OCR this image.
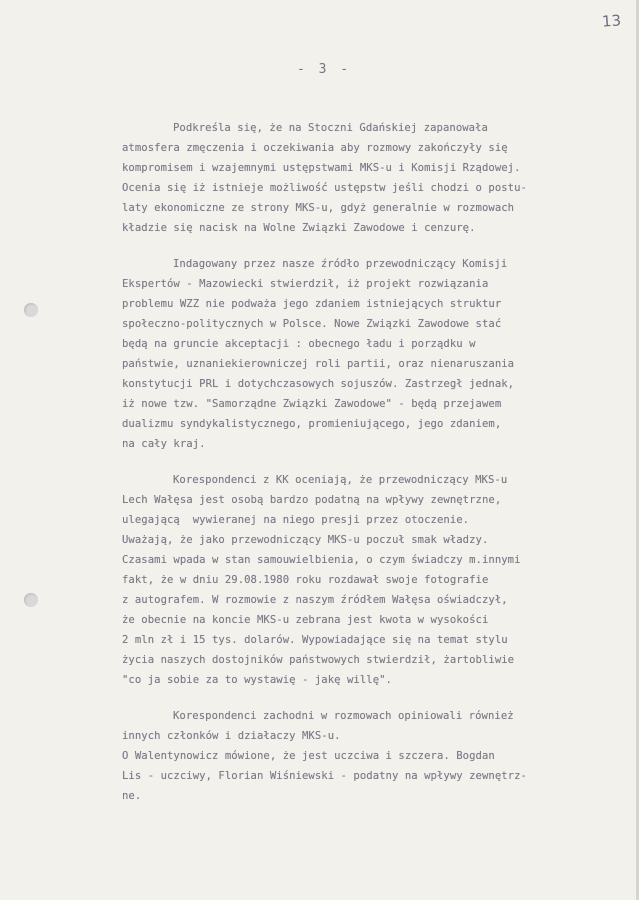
13
- 3 -
Podkreśla się, że na Stoczni Gdańskiej zapanowała
atmosfera zmęczenia i oczekiwania aby rozmowy zakończyły się
kompromisem i wzajemnymi ustępstwami MKS-u i Komisji Rządowej.
Ocenia się iż istnieje możliwość ustępstw jeśli chodzi o postu-
laty ekonomiczne ze strony MKS-u, gdyż generalnie w rozmowach
kładzie się nacisk na Wolne Związki Zawodowe i cenzurę.
Indagowany przez nasze źródło przewodniczący Komisji
Ekspertów - Mazowiecki stwierdził, iż projekt rozwiązania
problemu WZZ nie podważa jego zdaniem istniejących struktur
społeczno-politycznych w Polsce. Nowe Związki Zawodowe stać
będą na gruncie akceptacji : obecnego ładu i porządku w
państwie, uznaniekierowniczej roli partii, oraz nienaruszania
konstytucji PRL i dotychczasowych sojuszów. Zastrzegł jednak,
iż nowe tzw. "Samorządne Związki Zawodowe" - będą przejawem
dualizmu syndykalistycznego, promieniującego, jego zdaniem,
na cały kraj.
Korespondenci z KK oceniają, że przewodniczący MKS-u
Lech Wałęsa jest osobą bardzo podatną na wpływy zewnętrzne,
ulegającą  wywieranej na niego presji przez otoczenie.
Uważają, że jako przewodniczący MKS-u poczuł smak władzy.
Czasami wpada w stan samouwielbienia, o czym świadczy m.innymi
fakt, że w dniu 29.08.1980 roku rozdawał swoje fotografie
z autografem. W rozmowie z naszym źródłem Wałęsa oświadczył,
że obecnie na koncie MKS-u zebrana jest kwota w wysokości
2 mln zł i 15 tys. dolarów. Wypowiadające się na temat stylu
życia naszych dostojników państwowych stwierdził, żartobliwie
"co ja sobie za to wystawię - jakę willę".
Korespondenci zachodni w rozmowach opiniowali również
innych członków i działaczy MKS-u.
O Walentynowicz mówione, że jest uczciwa i szczera. Bogdan
Lis - uczciwy, Florian Wiśniewski - podatny na wpływy zewnętrz-
ne.
